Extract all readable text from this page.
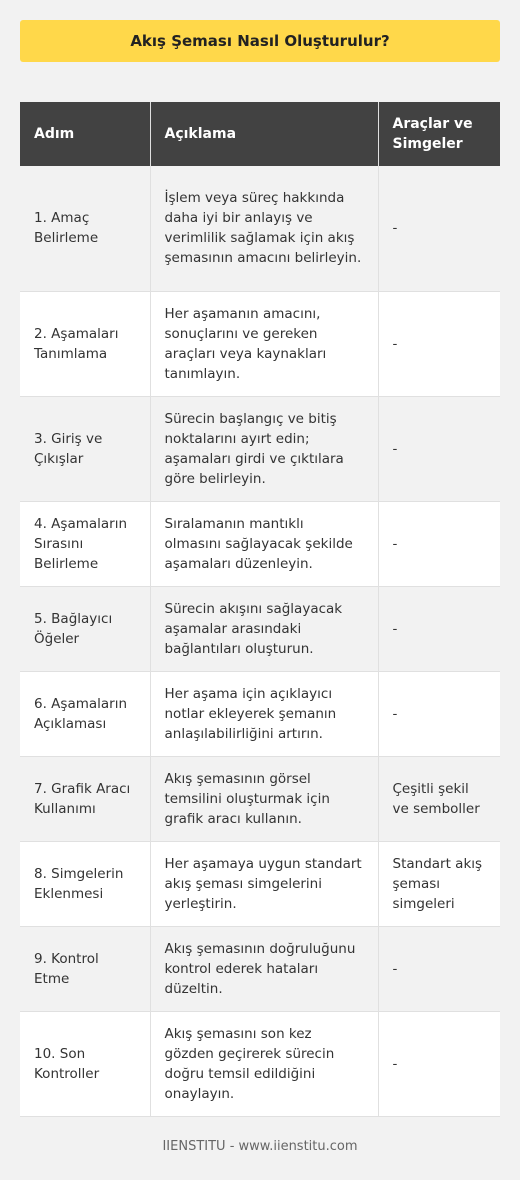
Akış Şeması Nasıl Oluşturulur?
Adım	Açıklama	Araçlar ve Simgeler
1. Amaç Belirleme	İşlem veya süreç hakkında daha iyi bir anlayış ve verimlilik sağlamak için akış şemasının amacını belirleyin.	-
2. Aşamaları Tanımlama	Her aşamanın amacını, sonuçlarını ve gereken araçları veya kaynakları tanımlayın.	-
3. Giriş ve Çıkışlar	Sürecin başlangıç ve bitiş noktalarını ayırt edin; aşamaları girdi ve çıktılara göre belirleyin.	-
4. Aşamaların Sırasını Belirleme	Sıralamanın mantıklı olmasını sağlayacak şekilde aşamaları düzenleyin.	-
5. Bağlayıcı Öğeler	Sürecin akışını sağlayacak aşamalar arasındaki bağlantıları oluşturun.	-
6. Aşamaların Açıklaması	Her aşama için açıklayıcı notlar ekleyerek şemanın anlaşılabilirliğini artırın.	-
7. Grafik Aracı Kullanımı	Akış şemasının görsel temsilini oluşturmak için grafik aracı kullanın.	Çeşitli şekil ve semboller
8. Simgelerin Eklenmesi	Her aşamaya uygun standart akış şeması simgelerini yerleştirin.	Standart akış şeması simgeleri
9. Kontrol Etme	Akış şemasının doğruluğunu kontrol ederek hataları düzeltin.	-
10. Son Kontroller	Akış şemasını son kez gözden geçirerek sürecin doğru temsil edildiğini onaylayın.	-
IIENSTITU - www.iienstitu.com
